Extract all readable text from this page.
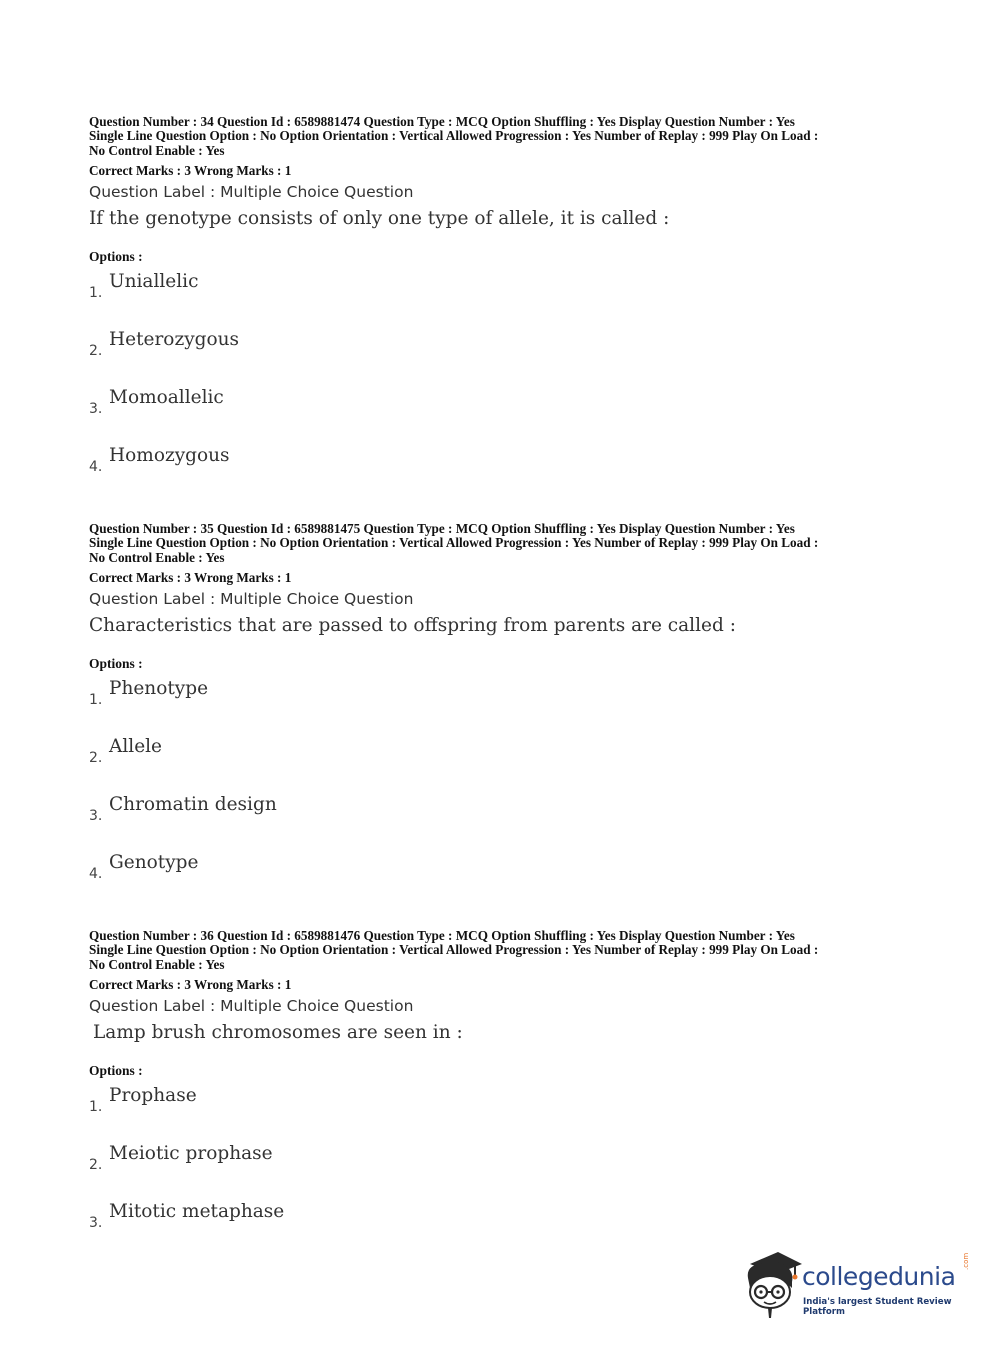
Question Number : 34 Question Id : 6589881474 Question Type : MCQ Option Shuffling : Yes Display Question Number : Yes

Single Line Question Option : No Option Orientation : Vertical Allowed Progression : Yes Number of Replay : 999 Play On Load :

No Control Enable : Yes

Correct Marks : 3 Wrong Marks : 1
Question Label : Multiple Choice Question
If the genotype consists of only one type of allele, it is called :
Options :
1.
Uniallelic
2.
Heterozygous
3.
Momoallelic
4.
Homozygous

Question Number : 35 Question Id : 6589881475 Question Type : MCQ Option Shuffling : Yes Display Question Number : Yes

Single Line Question Option : No Option Orientation : Vertical Allowed Progression : Yes Number of Replay : 999 Play On Load :

No Control Enable : Yes

Correct Marks : 3 Wrong Marks : 1
Question Label : Multiple Choice Question
Characteristics that are passed to offspring from parents are called :
Options :
1.
Phenotype
2.
Allele
3.
Chromatin design
4.
Genotype

Question Number : 36 Question Id : 6589881476 Question Type : MCQ Option Shuffling : Yes Display Question Number : Yes

Single Line Question Option : No Option Orientation : Vertical Allowed Progression : Yes Number of Replay : 999 Play On Load :

No Control Enable : Yes

Correct Marks : 3 Wrong Marks : 1
Question Label : Multiple Choice Question
Lamp brush chromosomes are seen in :
Options :
1.
Prophase
2.
Meiotic prophase
3.
Mitotic metaphase
collegedunia
.com
India's largest Student Review Platform
